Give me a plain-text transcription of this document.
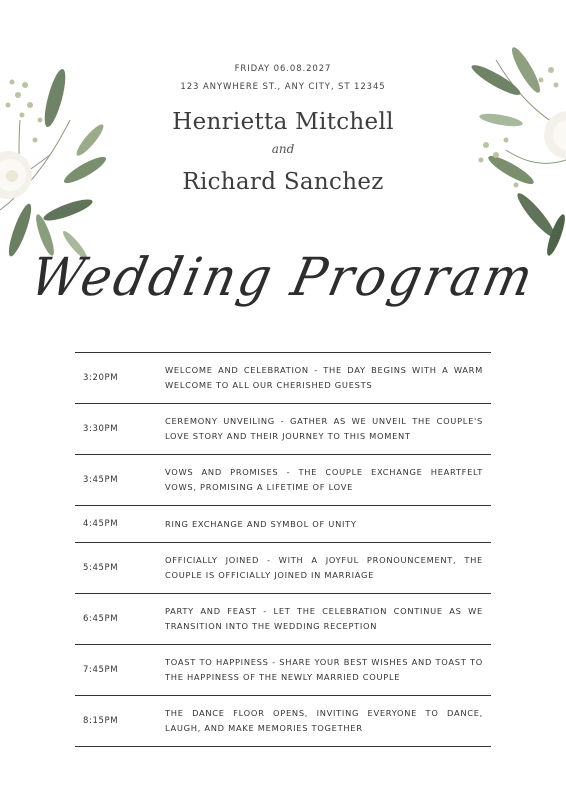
FRIDAY 06.08.2027
123 ANYWHERE ST., ANY CITY, ST 12345
Henrietta Mitchell
and
Richard Sanchez
Wedding Program
3:20PM
WELCOME AND CELEBRATION - THE DAY BEGINS WITH A WARM WELCOME TO ALL OUR CHERISHED GUESTS
3:30PM
CEREMONY UNVEILING - GATHER AS WE UNVEIL THE COUPLE'S LOVE STORY AND THEIR JOURNEY TO THIS MOMENT
3:45PM
VOWS AND PROMISES - THE COUPLE EXCHANGE HEARTFELT VOWS, PROMISING A LIFETIME OF LOVE
4:45PM	RING EXCHANGE AND SYMBOL OF UNITY
5:45PM
OFFICIALLY JOINED - WITH A JOYFUL PRONOUNCEMENT, THE COUPLE IS OFFICIALLY JOINED IN MARRIAGE
6:45PM
PARTY AND FEAST - LET THE CELEBRATION CONTINUE AS WE TRANSITION INTO THE WEDDING RECEPTION
7:45PM
TOAST TO HAPPINESS - SHARE YOUR BEST WISHES AND TOAST TO THE HAPPINESS OF THE NEWLY MARRIED COUPLE
8:15PM
THE DANCE FLOOR OPENS, INVITING EVERYONE TO DANCE, LAUGH, AND MAKE MEMORIES TOGETHER
